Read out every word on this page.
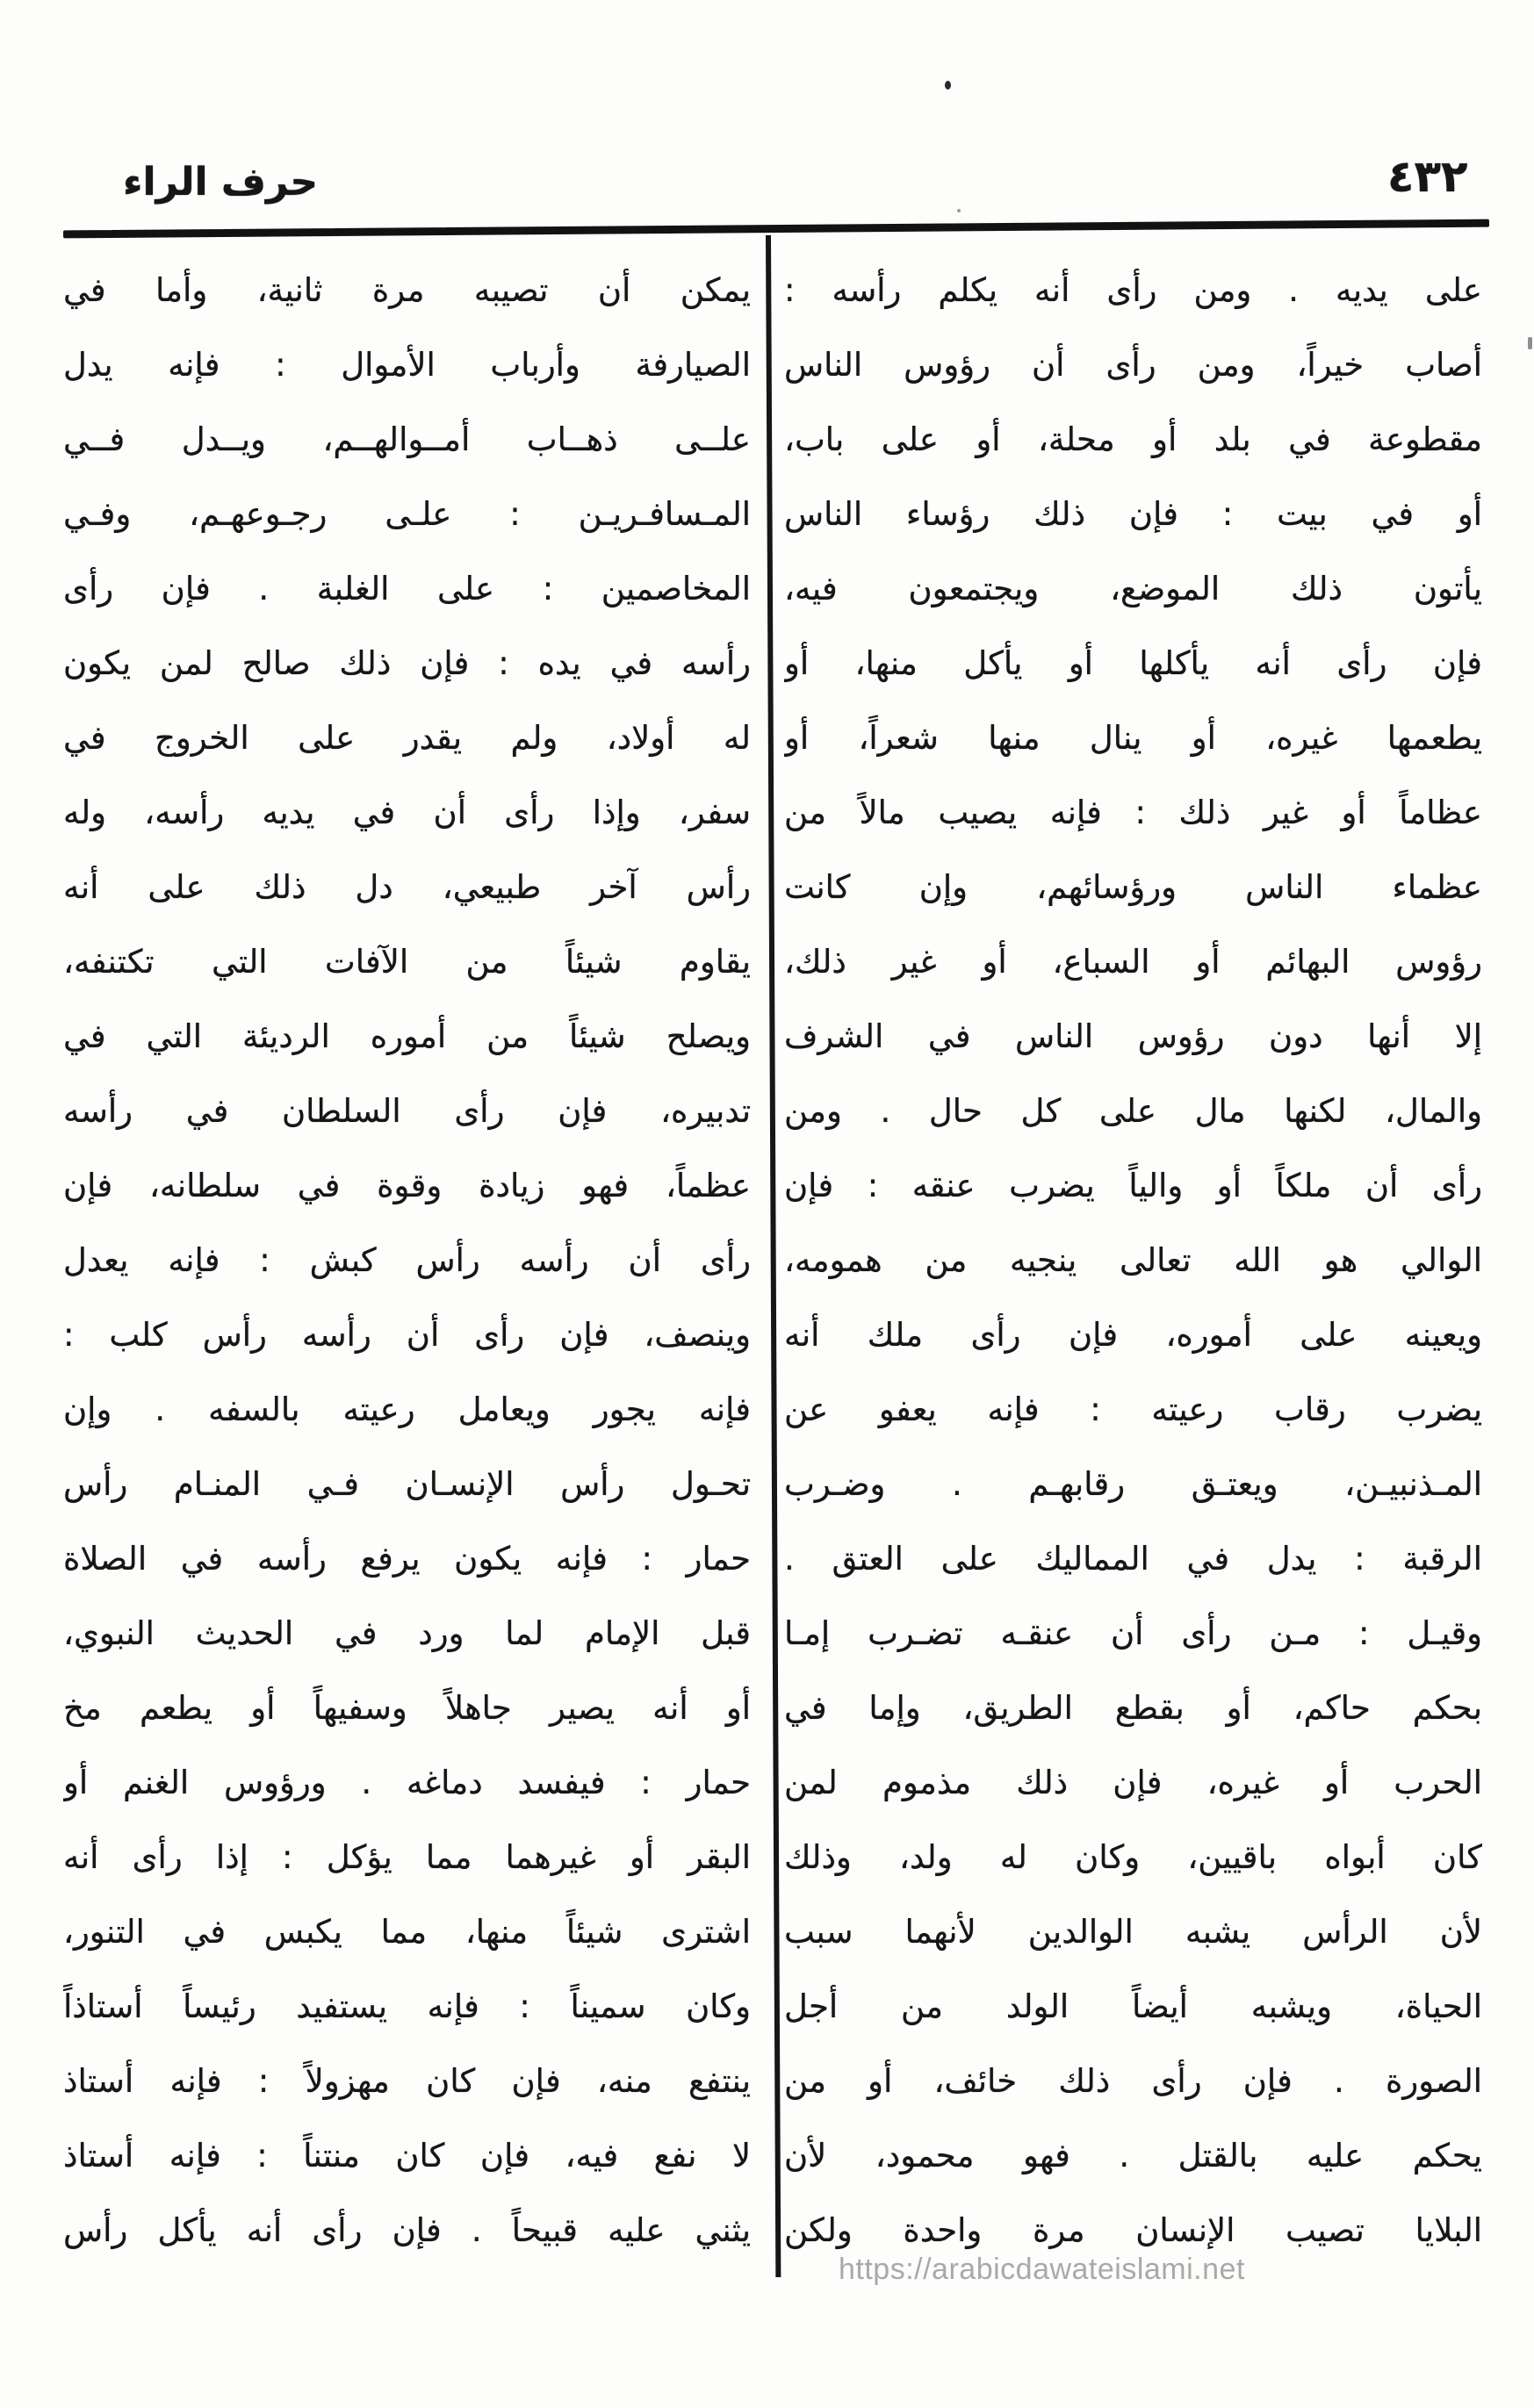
حرف الراء	٤٣٢
على يديه . ومن رأى أنه يكلم رأسه :
أصاب خيراً، ومن رأى أن رؤوس الناس
مقطوعة في بلد أو محلة، أو على باب،
أو في بيت : فإن ذلك رؤساء الناس
يأتون ذلك الموضع، ويجتمعون فيه،
فإن رأى أنه يأكلها أو يأكل منها، أو
يطعمها غيره، أو ينال منها شعراً، أو
عظاماً أو غير ذلك : فإنه يصيب مالاً من
عظماء الناس ورؤسائهم، وإن كانت
رؤوس البهائم أو السباع، أو غير ذلك،
إلا أنها دون رؤوس الناس في الشرف
والمال، لكنها مال على كل حال . ومن
رأى أن ملكاً أو والياً يضرب عنقه : فإن
الوالي هو الله تعالى ينجيه من همومه،
ويعينه على أموره، فإن رأى ملك أنه
يضرب رقاب رعيته : فإنه يعفو عن
المـذنبيـن، ويعتـق رقابهـم . وضـرب
الرقبة : يدل في المماليك على العتق .
وقيـل : مـن رأى أن عنقـه تضـرب إمـا
بحكم حاكم، أو بقطع الطريق، وإما في
الحرب أو غيره، فإن ذلك مذموم لمن
كان أبواه باقيين، وكان له ولد، وذلك
لأن الرأس يشبه الوالدين لأنهما سبب
الحياة، ويشبه أيضاً الولد من أجل
الصورة . فإن رأى ذلك خائف، أو من
يحكم عليه بالقتل . فهو محمود، لأن
البلايا تصيب الإنسان مرة واحدة ولكن
يمكن أن تصيبه مرة ثانية، وأما في
الصيارفة وأرباب الأموال : فإنه يدل
علــى ذهــاب أمــوالهــم، ويــدل فــي
المـسافـريـن : علـى رجـوعهـم، وفـي
المخاصمين : على الغلبة . فإن رأى
رأسه في يده : فإن ذلك صالح لمن يكون
له أولاد، ولم يقدر على الخروج في
سفر، وإذا رأى أن في يديه رأسه، وله
رأس آخر طبيعي، دل ذلك على أنه
يقاوم شيئاً من الآفات التي تكتنفه،
ويصلح شيئاً من أموره الرديئة التي في
تدبيره، فإن رأى السلطان في رأسه
عظماً، فهو زيادة وقوة في سلطانه، فإن
رأى أن رأسه رأس كبش : فإنه يعدل
وينصف، فإن رأى أن رأسه رأس كلب :
فإنه يجور ويعامل رعيته بالسفه . وإن
تحـول رأس الإنسـان فـي المنـام رأس
حمار : فإنه يكون يرفع رأسه في الصلاة
قبل الإمام لما ورد في الحديث النبوي،
أو أنه يصير جاهلاً وسفيهاً أو يطعم مخ
حمار : فيفسد دماغه . ورؤوس الغنم أو
البقر أو غيرهما مما يؤكل : إذا رأى أنه
اشترى شيئاً منها، مما يكبس في التنور،
وكان سميناً : فإنه يستفيد رئيساً أستاذاً
ينتفع منه، فإن كان مهزولاً : فإنه أستاذ
لا نفع فيه، فإن كان منتناً : فإنه أستاذ
يثني عليه قبيحاً . فإن رأى أنه يأكل رأس
https://arabicdawateislami.net
